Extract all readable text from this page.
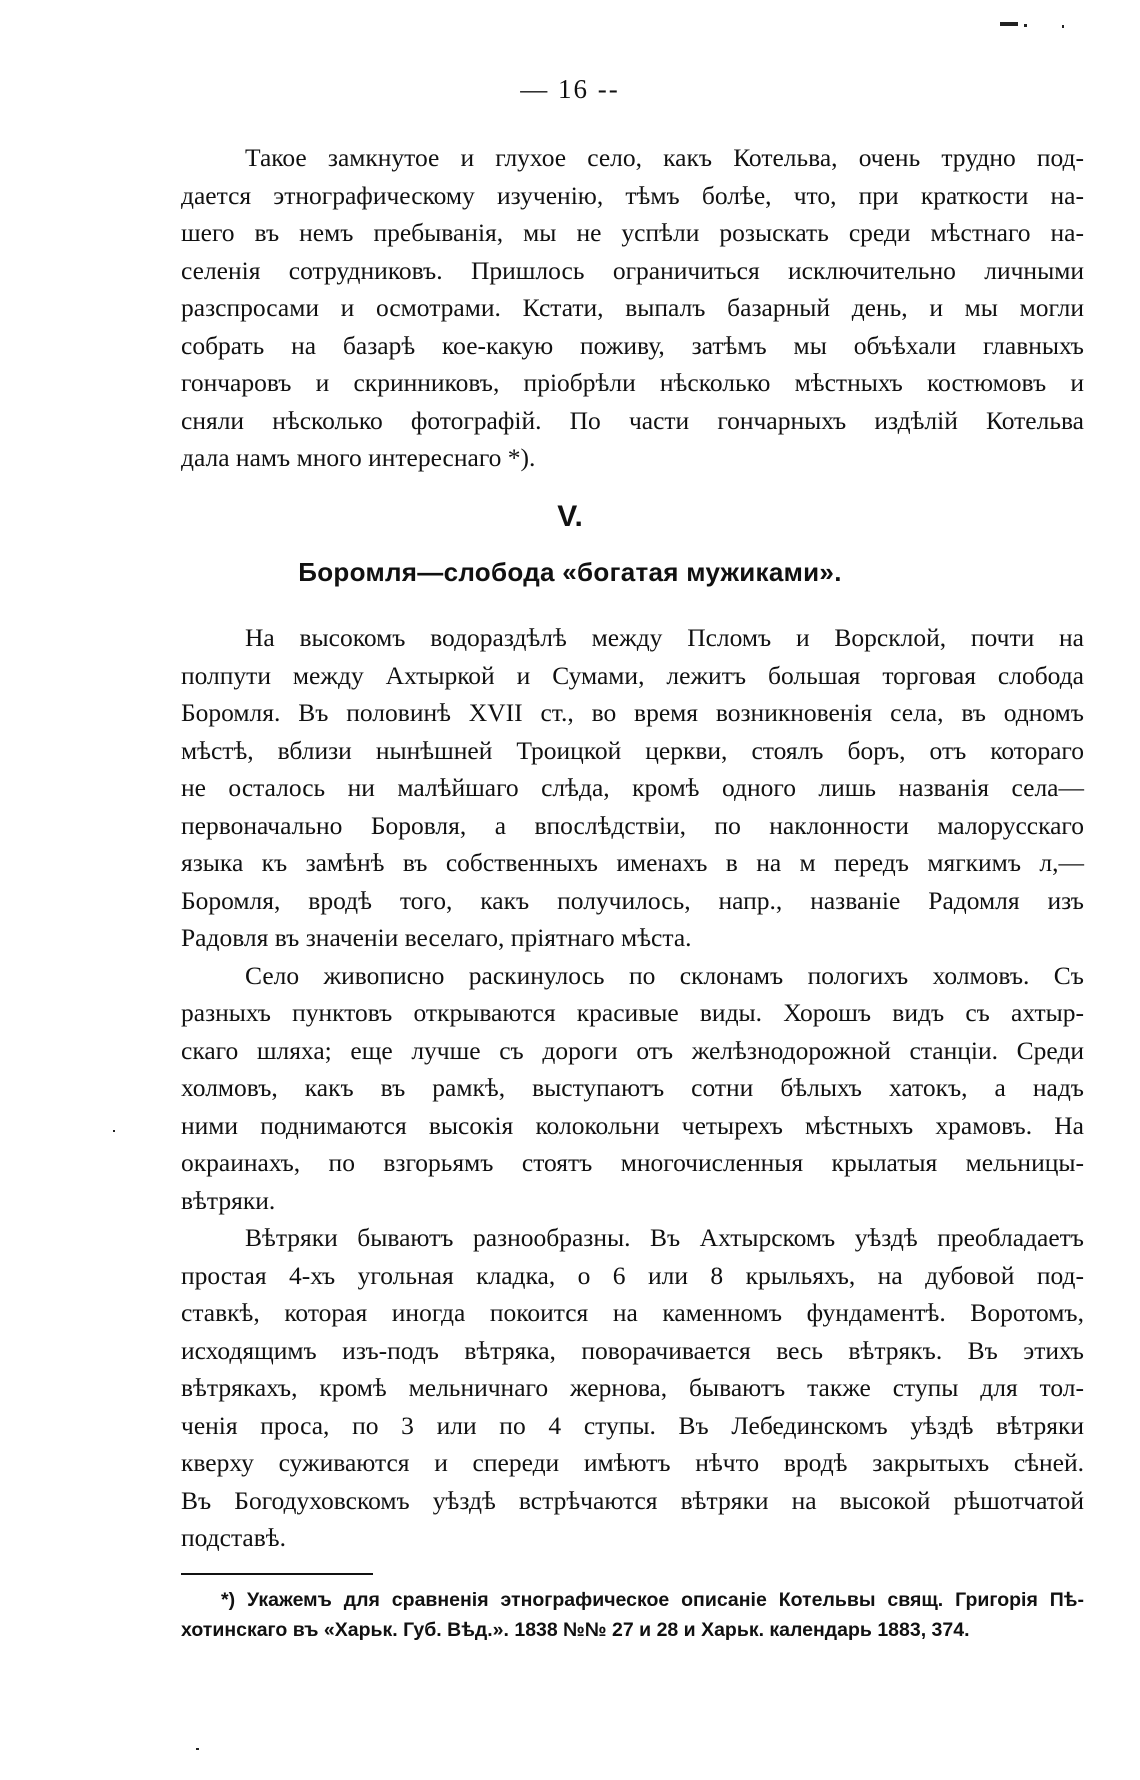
— 16 --
Такое замкнутое и глухое село, какъ Котельва, очень трудно под-
дается этнографическому изученію, тѣмъ болѣе, что, при краткости на-
шего въ немъ пребыванія, мы не успѣли розыскать среди мѣстнаго на-
селенія сотрудниковъ. Пришлось ограничиться исключительно личными
разспросами и осмотрами. Кстати, выпалъ базарный день, и мы могли
собрать на базарѣ кое-какую поживу, затѣмъ мы объѣхали главныхъ
гончаровъ и скринниковъ, пріобрѣли нѣсколько мѣстныхъ костюмовъ и
сняли нѣсколько фотографій. По части гончарныхъ издѣлій Котельва
дала намъ много интереснаго *).
V.
Боромля—слобода «богатая мужиками».
На высокомъ водораздѣлѣ между Псломъ и Ворсклой, почти на
полпути между Ахтыркой и Сумами, лежитъ большая торговая слобода
Боромля. Въ половинѣ XVII ст., во время возникновенія села, въ одномъ
мѣстѣ, вблизи нынѣшней Троицкой церкви, стоялъ боръ, отъ котораго
не осталось ни малѣйшаго слѣда, кромѣ одного лишь названія села—
первоначально Боровля, а впослѣдствіи, по наклонности малорусскаго
языка къ замѣнѣ въ собственныхъ именахъ в на м передъ мягкимъ л,—
Боромля, вродѣ того, какъ получилось, напр., названіе Радомля изъ
Радовля въ значеніи веселаго, пріятнаго мѣста.
Село живописно раскинулось по склонамъ пологихъ холмовъ. Съ
разныхъ пунктовъ открываются красивые виды. Хорошъ видъ съ ахтыр-
скаго шляха; еще лучше съ дороги отъ желѣзнодорожной станціи. Среди
холмовъ, какъ въ рамкѣ, выступаютъ сотни бѣлыхъ хатокъ, а надъ
ними поднимаются высокія колокольни четырехъ мѣстныхъ храмовъ. На
окраинахъ, по взгорьямъ стоятъ многочисленныя крылатыя мельницы-
вѣтряки.
Вѣтряки бываютъ разнообразны. Въ Ахтырскомъ уѣздѣ преобладаетъ
простая 4-хъ угольная кладка, о 6 или 8 крыльяхъ, на дубовой под-
ставкѣ, которая иногда покоится на каменномъ фундаментѣ. Воротомъ,
исходящимъ изъ-подъ вѣтряка, поворачивается весь вѣтрякъ. Въ этихъ
вѣтрякахъ, кромѣ мельничнаго жернова, бываютъ также ступы для тол-
ченія проса, по 3 или по 4 ступы. Въ Лебединскомъ уѣздѣ вѣтряки
кверху суживаются и спереди имѣютъ нѣчто вродѣ закрытыхъ сѣней.
Въ Богодуховскомъ уѣздѣ встрѣчаются вѣтряки на высокой рѣшотчатой
подставѣ.
*) Укажемъ для сравненія этнографическое описаніе Котельвы свящ. Григорія Пѣ-
хотинскаго въ «Харьк. Губ. Вѣд.». 1838 №№ 27 и 28 и Харьк. календарь 1883, 374.
